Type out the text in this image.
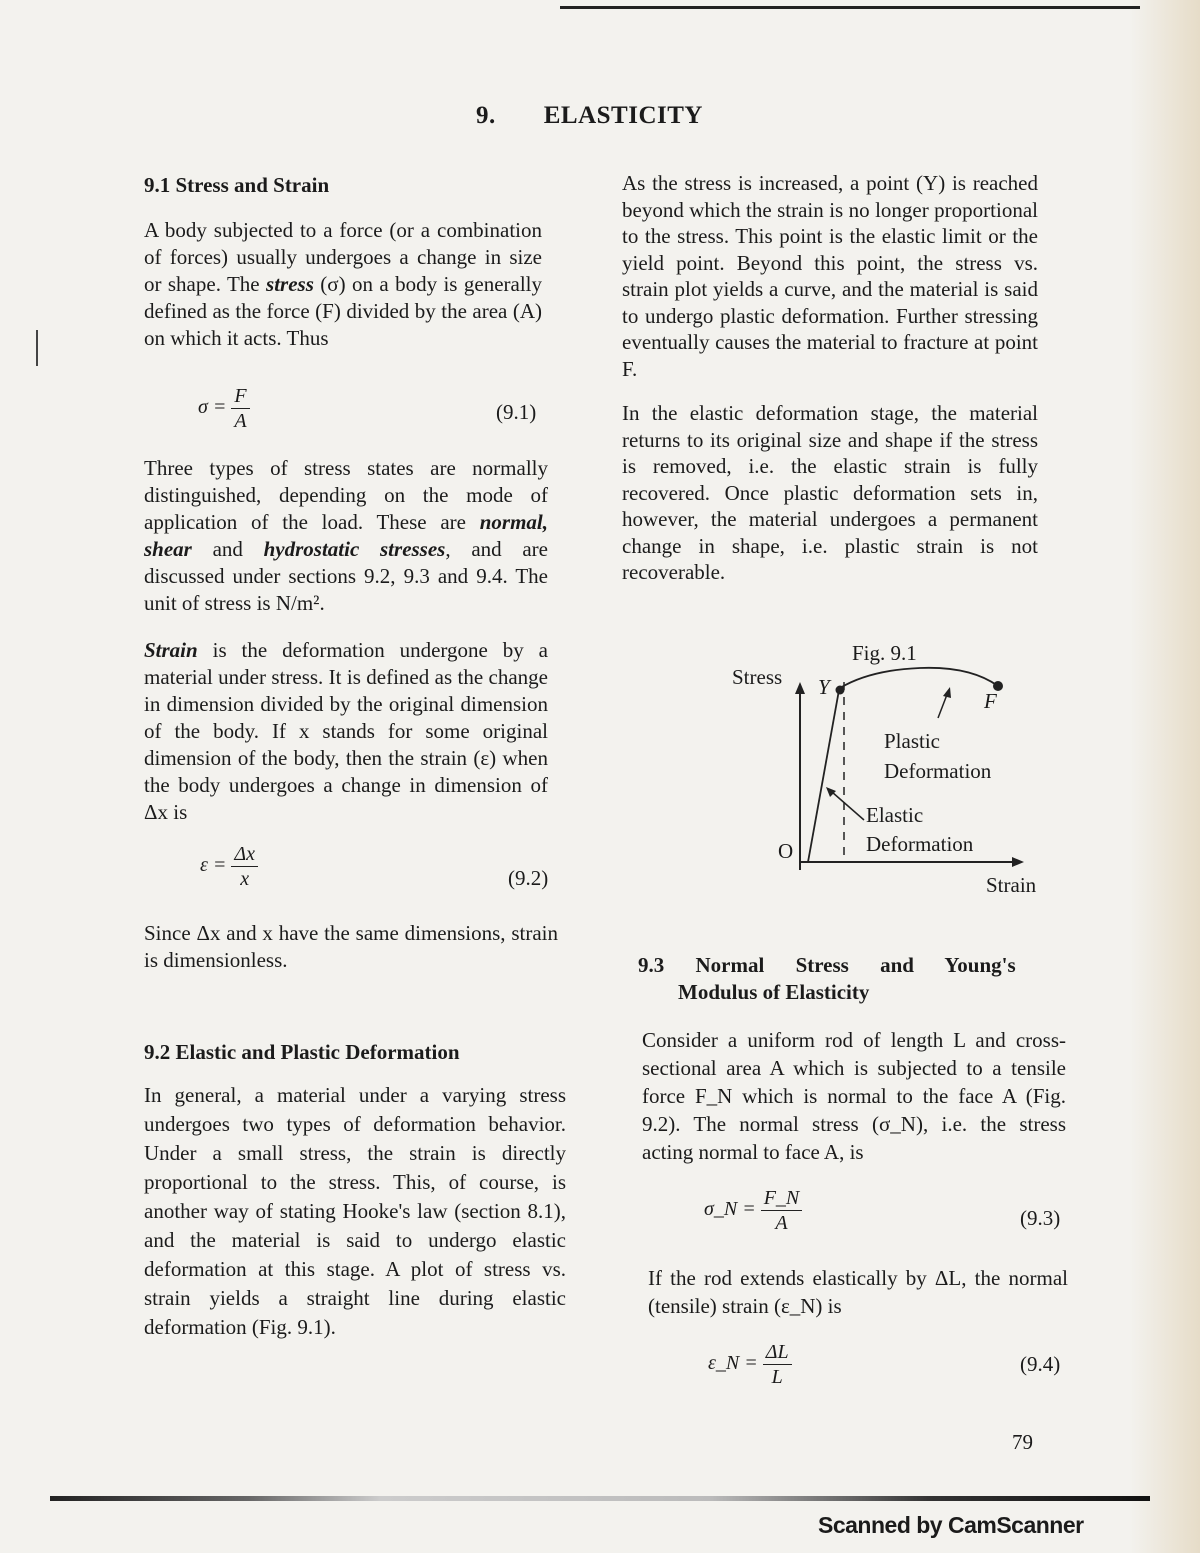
9. ELASTICITY

9.1 Stress and Strain

A body subjected to a force (or a combination of forces) usually undergoes a change in size or shape. The stress (σ) on a body is generally defined as the force (F) divided by the area (A) on which it acts. Thus

$\sigma = \frac{F}{A}$	(9.1)

Three types of stress states are normally distinguished, depending on the mode of application of the load. These are normal, shear and hydrostatic stresses, and are discussed under sections 9.2, 9.3 and 9.4. The unit of stress is N/m².

Strain is the deformation undergone by a material under stress. It is defined as the change in dimension divided by the original dimension of the body. If x stands for some original dimension of the body, then the strain (ε) when the body undergoes a change in dimension of Δx is

$\varepsilon = \frac{\Delta x}{x}$	(9.2)

Since Δx and x have the same dimensions, strain is dimensionless.

9.2 Elastic and Plastic Deformation

In general, a material under a varying stress undergoes two types of deformation behavior. Under a small stress, the strain is directly proportional to the stress. This, of course, is another way of stating Hooke's law (section 8.1), and the material is said to undergo elastic deformation at this stage. A plot of stress vs. strain yields a straight line during elastic deformation (Fig. 9.1).

As the stress is increased, a point (Y) is reached beyond which the strain is no longer proportional to the stress. This point is the elastic limit or the yield point. Beyond this point, the stress vs. strain plot yields a curve, and the material is said to undergo plastic deformation. Further stressing eventually causes the material to fracture at point F.

In the elastic deformation stage, the material returns to its original size and shape if the stress is removed, i.e. the elastic strain is fully recovered. Once plastic deformation sets in, however, the material undergoes a permanent change in shape, i.e. plastic strain is not recoverable.

Fig. 9.1
Stress
Strain
O
Y
F
Plastic
Deformation
Elastic
Deformation

9.3 Normal Stress and Young's

Modulus of Elasticity

Consider a uniform rod of length L and cross-sectional area A which is subjected to a tensile force F_N which is normal to the face A (Fig. 9.2). The normal stress (σ_N), i.e. the stress acting normal to face A, is

σ_N = $\frac{F\_N}{A}$	(9.3)

If the rod extends elastically by ΔL, the normal (tensile) strain (ε_N) is

ε_N = $\frac{\Delta L}{L}$	(9.4)
79
Scanned by CamScanner
